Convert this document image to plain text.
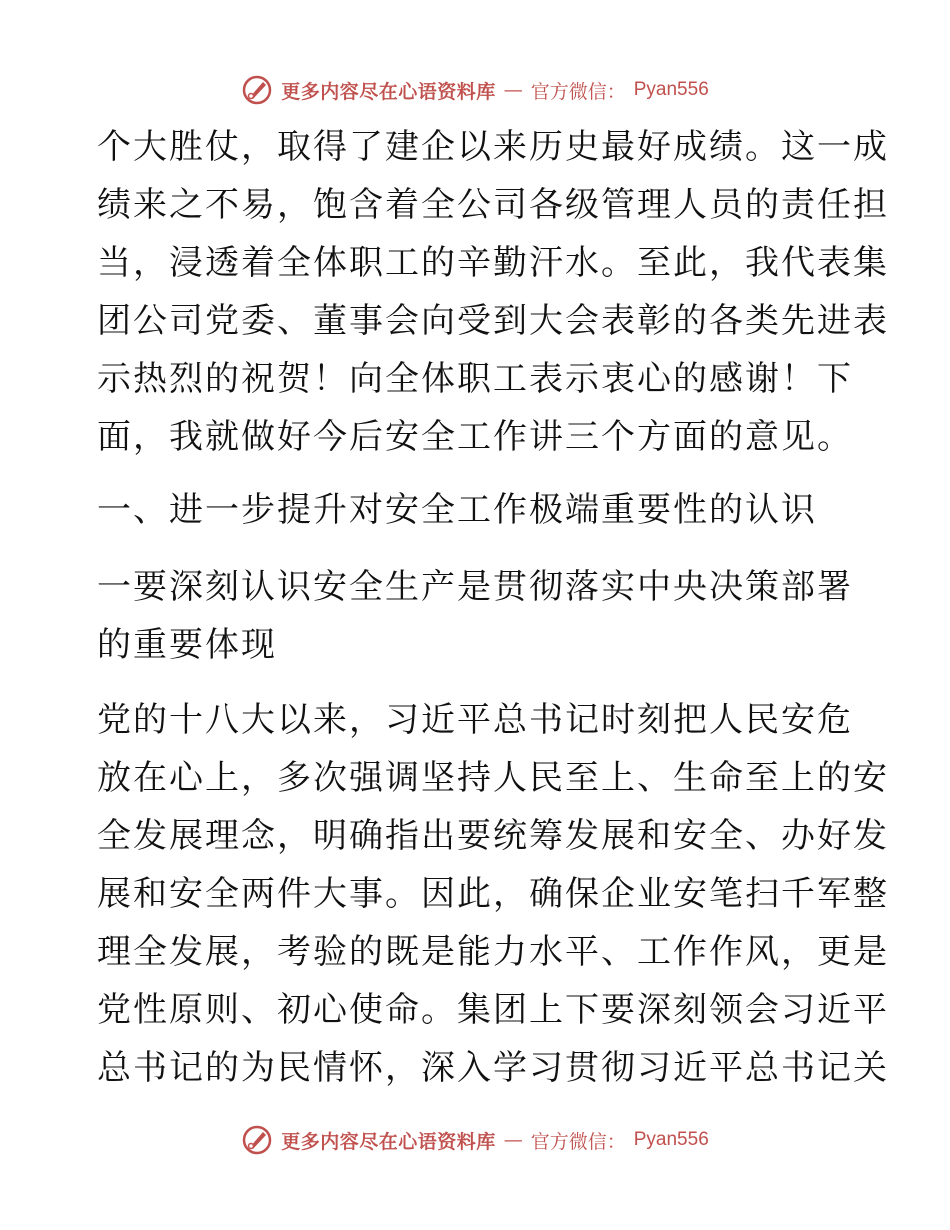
更多内容尽在心语资料库 — 官方微信： Pyan556
个大胜仗，取得了建企以来历史最好成绩。这一成
绩来之不易，饱含着全公司各级管理人员的责任担
当，浸透着全体职工的辛勤汗水。至此，我代表集
团公司党委、董事会向受到大会表彰的各类先进表
示热烈的祝贺！向全体职工表示衷心的感谢！下
面，我就做好今后安全工作讲三个方面的意见。
一、进一步提升对安全工作极端重要性的认识
一要深刻认识安全生产是贯彻落实中央决策部署
的重要体现
党的十八大以来，习近平总书记时刻把人民安危
放在心上，多次强调坚持人民至上、生命至上的安
全发展理念，明确指出要统筹发展和安全、办好发
展和安全两件大事。因此，确保企业安笔扫千军整
理全发展，考验的既是能力水平、工作作风，更是
党性原则、初心使命。集团上下要深刻领会习近平
总书记的为民情怀，深入学习贯彻习近平总书记关
更多内容尽在心语资料库 — 官方微信： Pyan556
